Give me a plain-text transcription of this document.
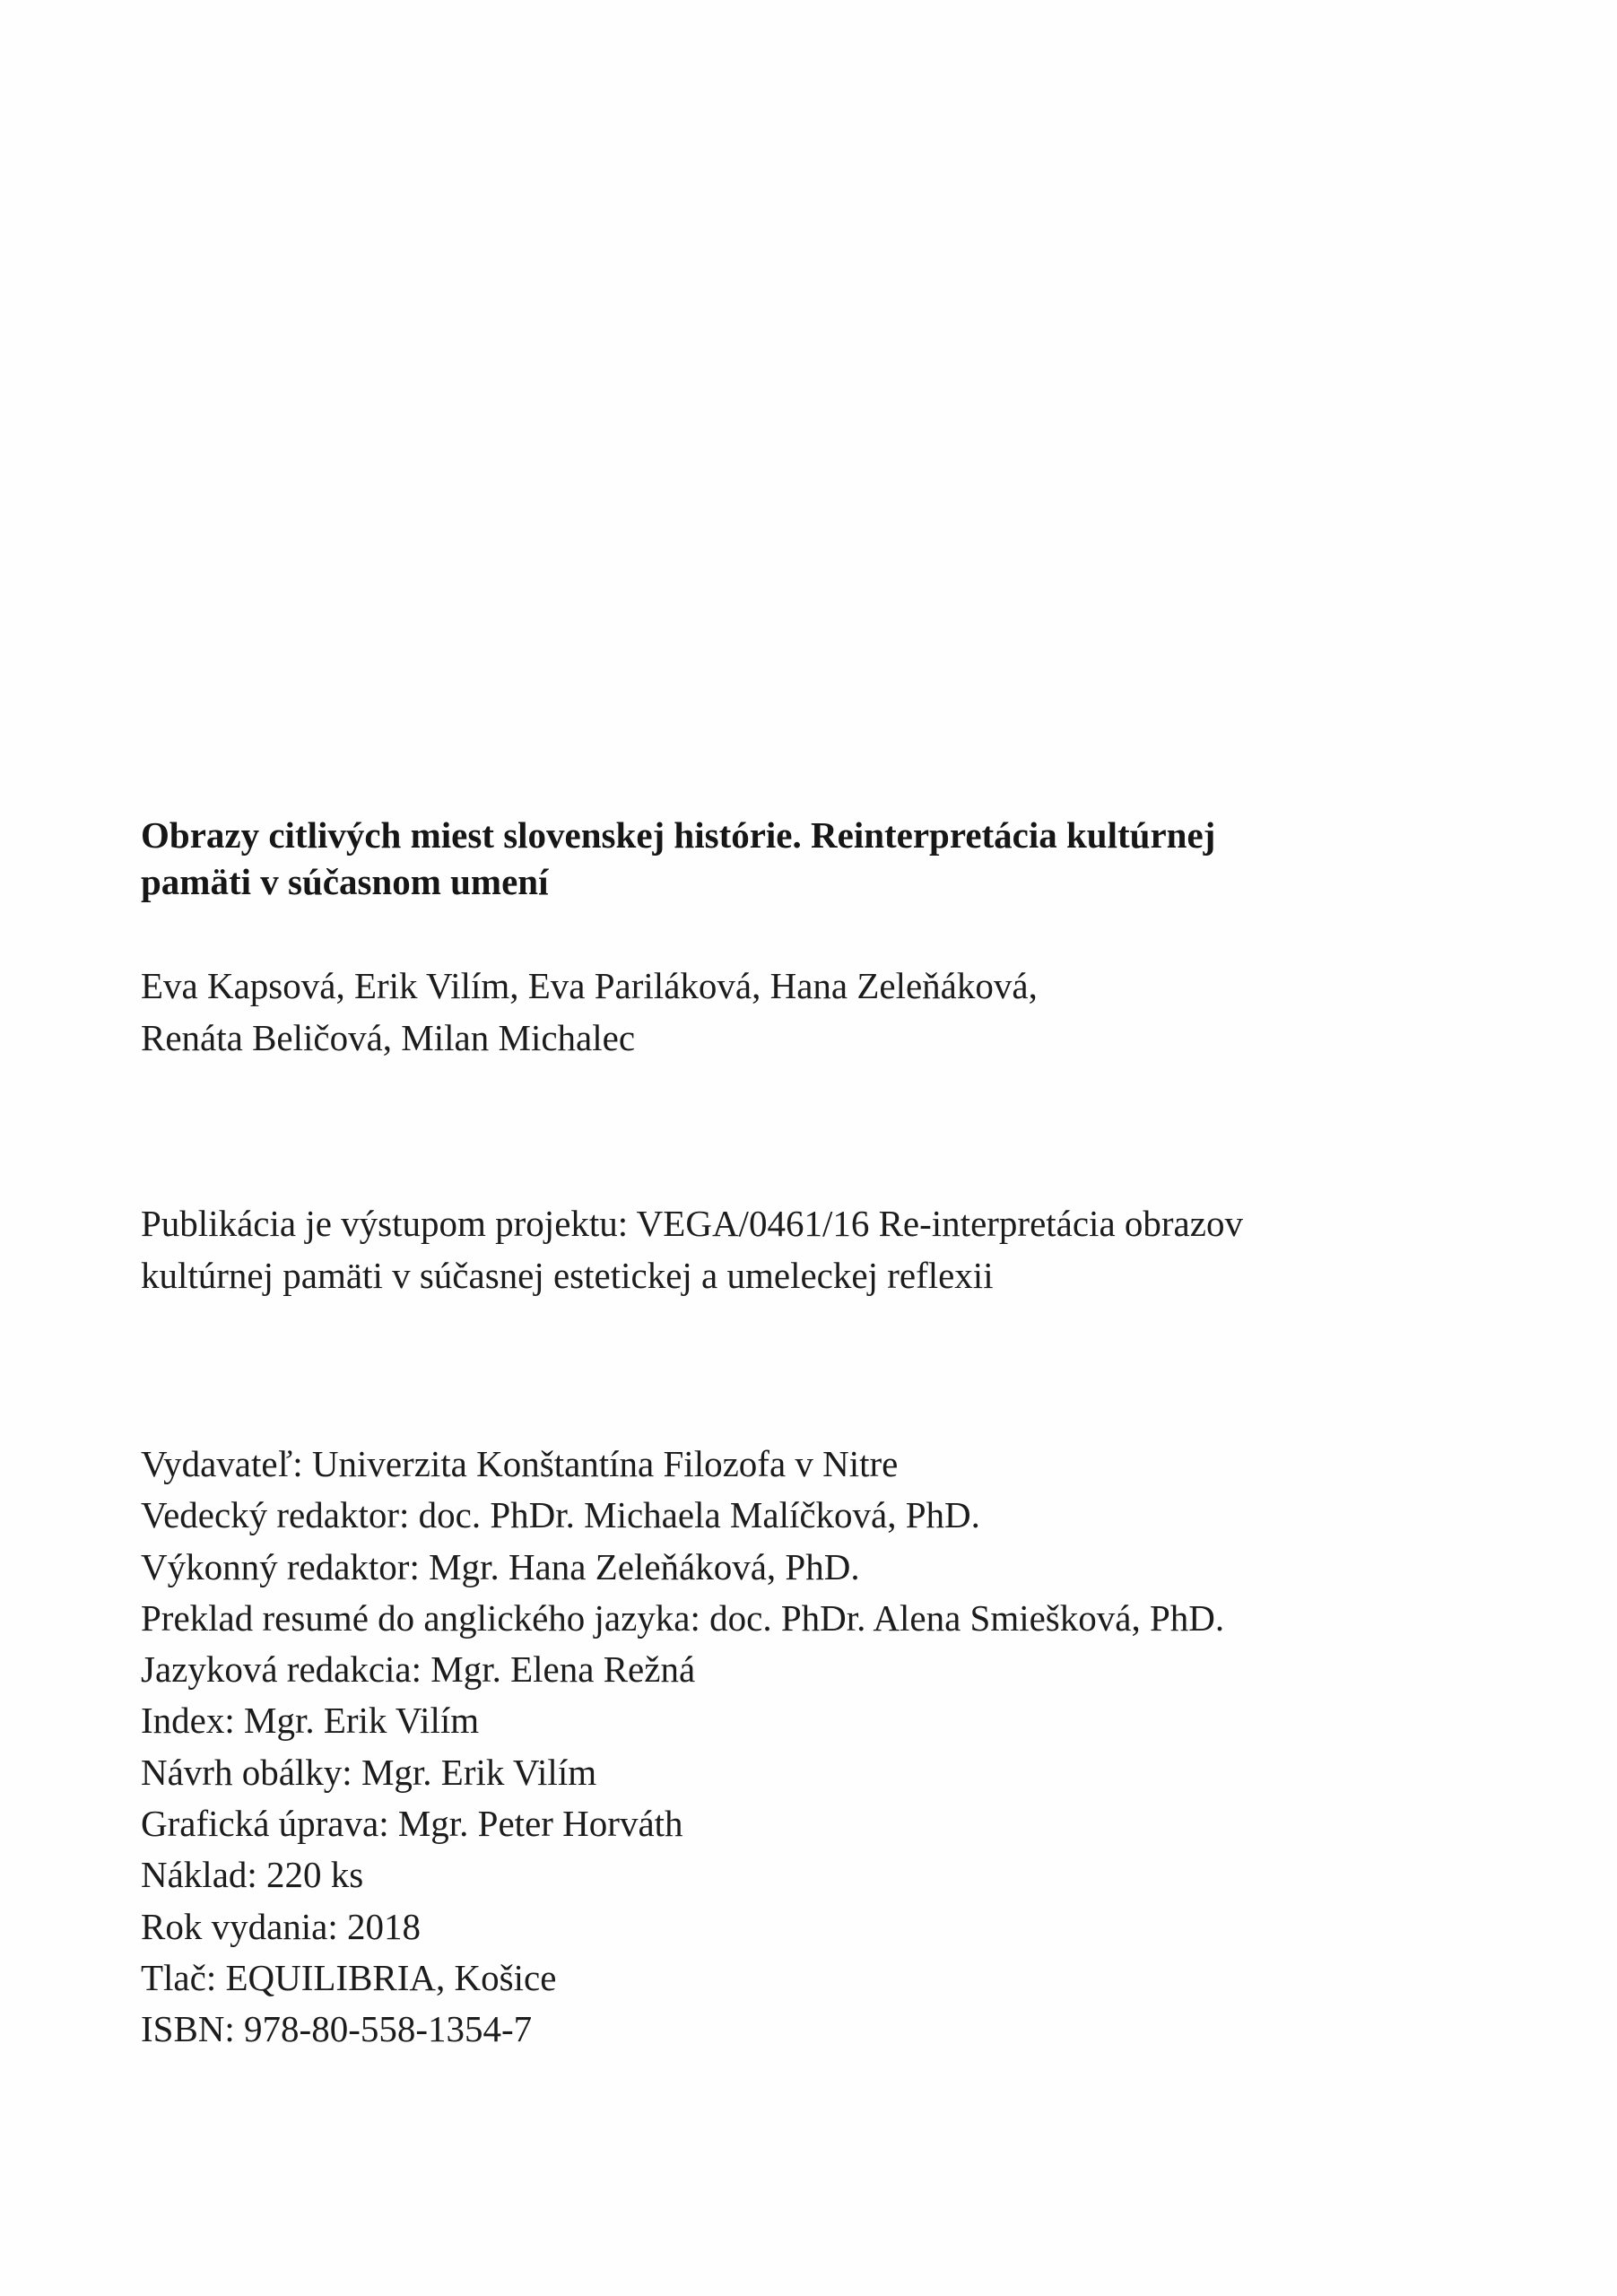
Obrazy citlivých miest slovenskej histórie. Reinterpretácia kultúrnej
pamäti v súčasnom umení
Eva Kapsová, Erik Vilím, Eva Pariláková, Hana Zeleňáková,
Renáta Beličová, Milan Michalec
Publikácia je výstupom projektu: VEGA/0461/16 Re-interpretácia obrazov
kultúrnej pamäti v súčasnej estetickej a umeleckej reflexii
Vydavateľ: Univerzita Konštantína Filozofa v Nitre
Vedecký redaktor: doc. PhDr. Michaela Malíčková, PhD.
Výkonný redaktor: Mgr. Hana Zeleňáková, PhD.
Preklad resumé do anglického jazyka: doc. PhDr. Alena Smiešková, PhD.
Jazyková redakcia: Mgr. Elena Režná
Index: Mgr. Erik Vilím
Návrh obálky: Mgr. Erik Vilím
Grafická úprava: Mgr. Peter Horváth
Náklad: 220 ks
Rok vydania: 2018
Tlač: EQUILIBRIA, Košice
ISBN: 978-80-558-1354-7
